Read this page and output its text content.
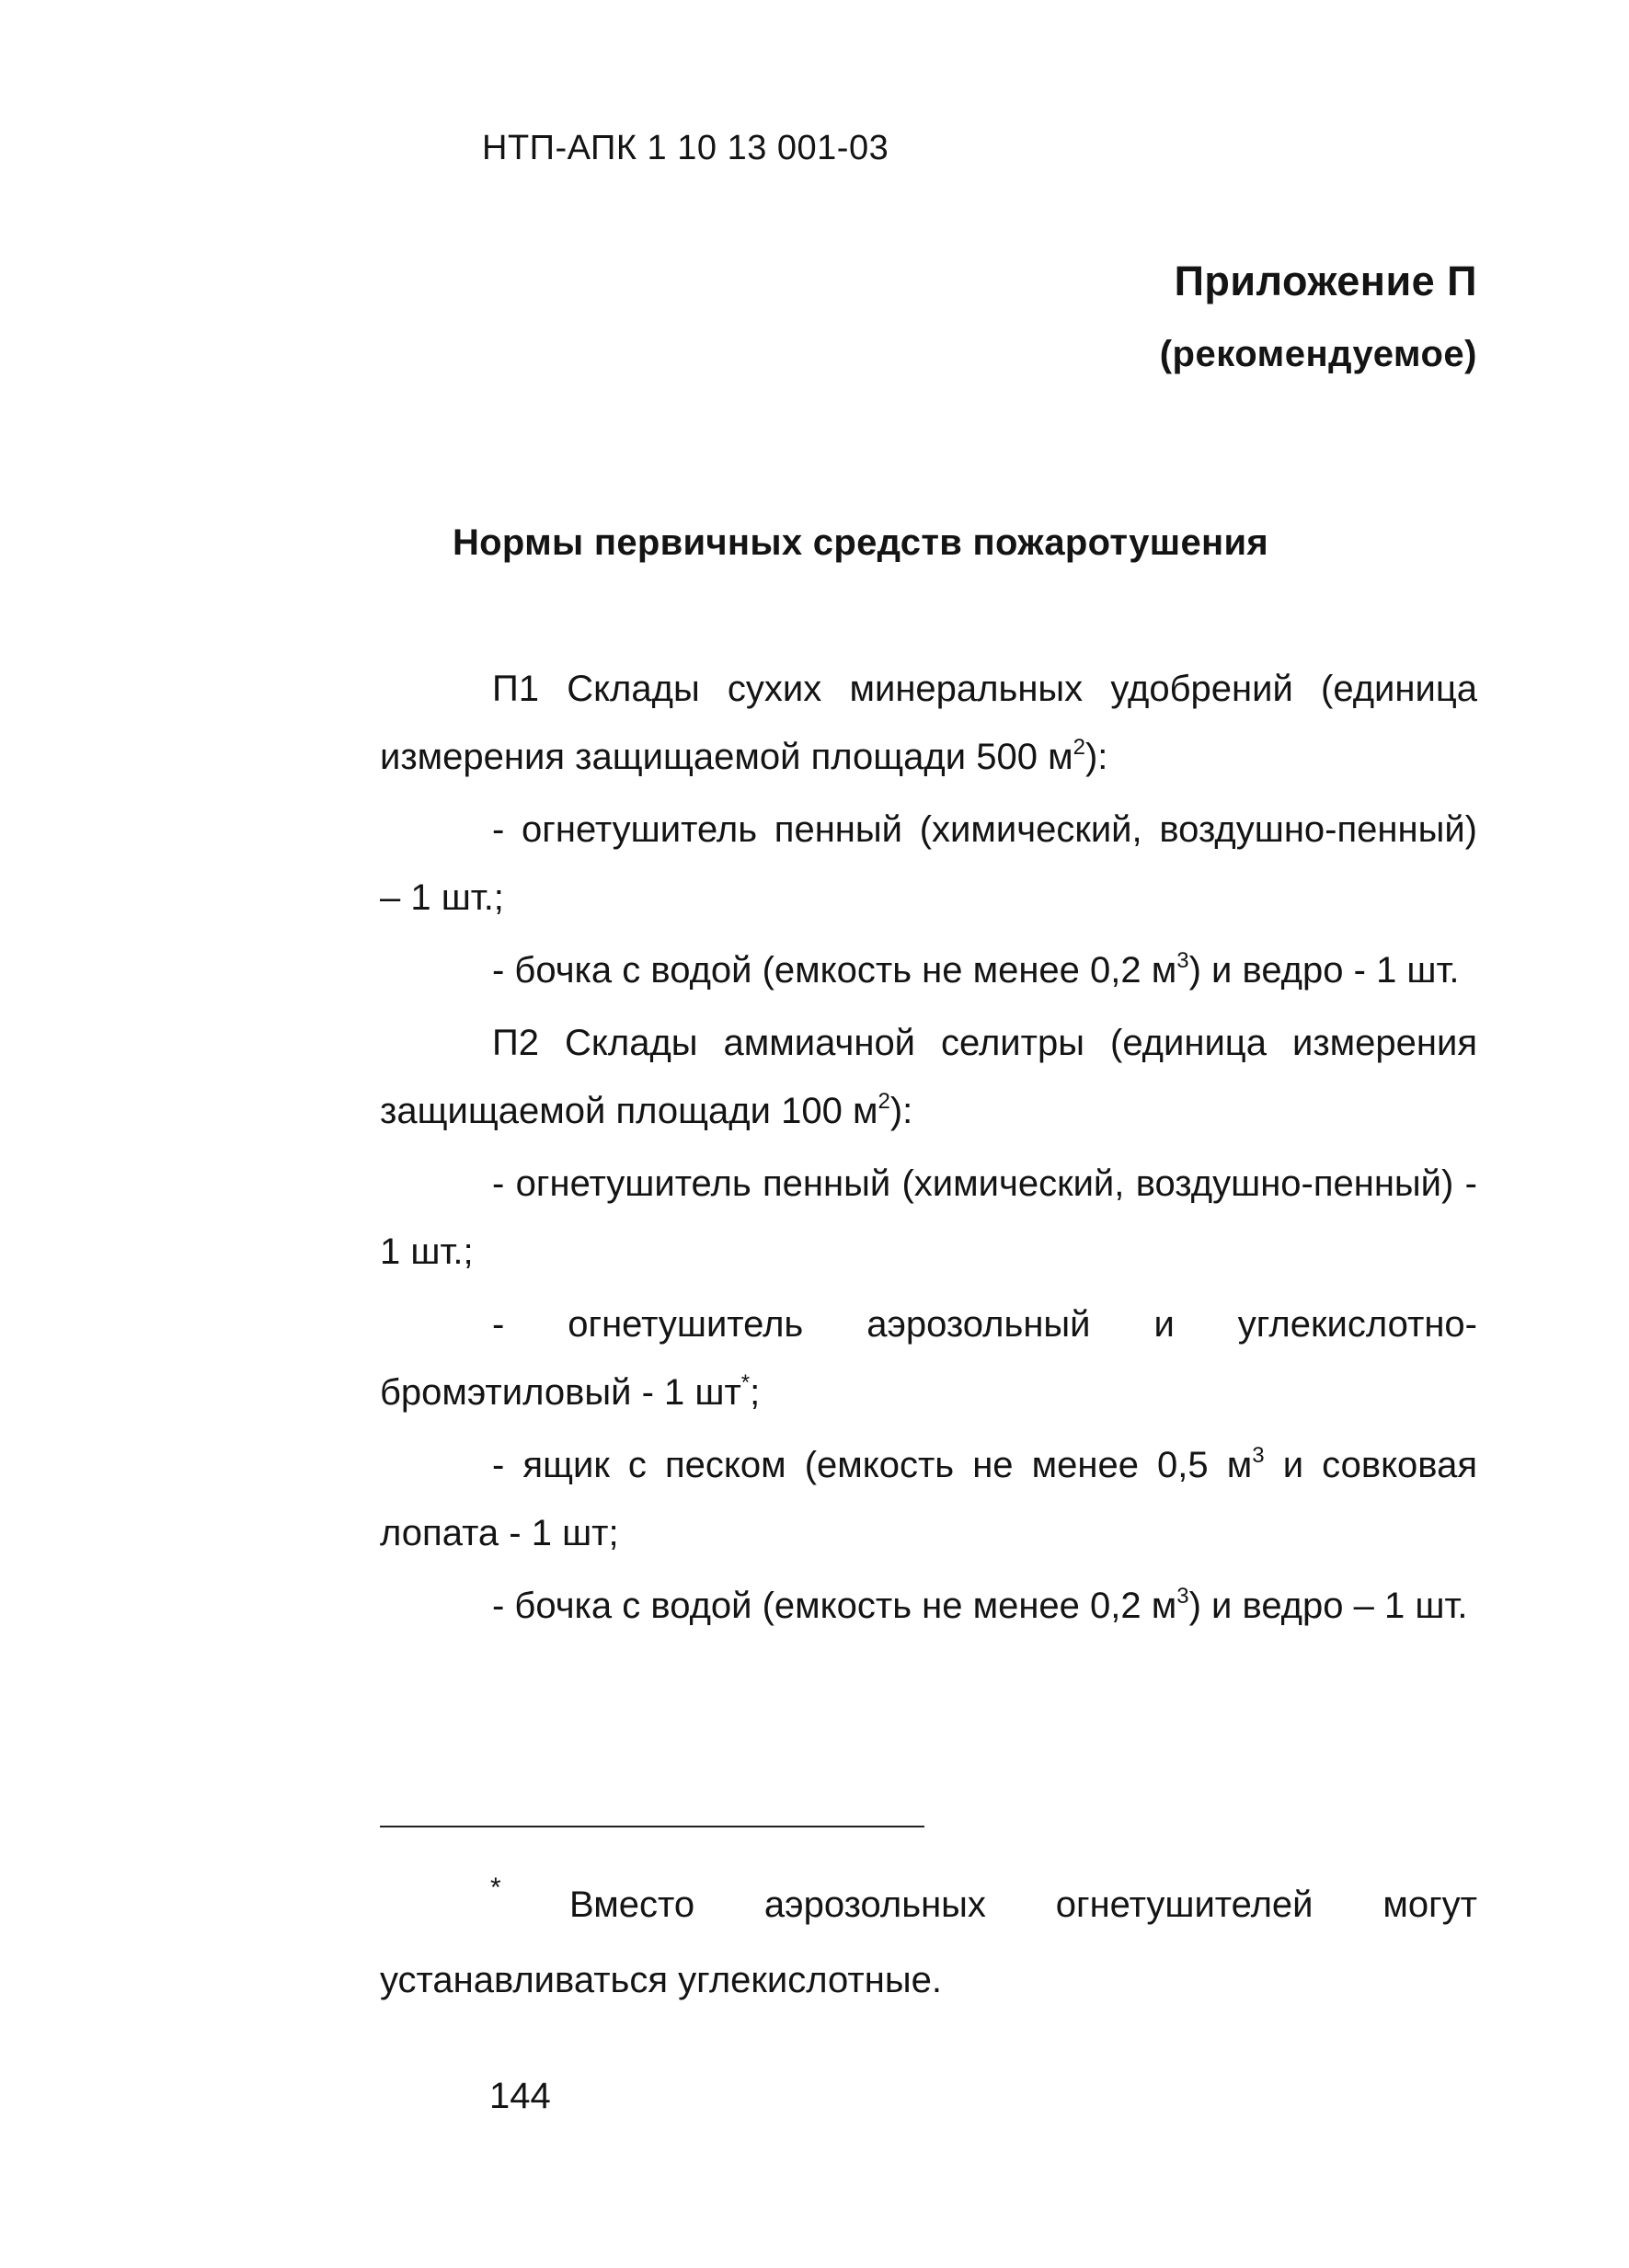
НТП-АПК 1 10 13 001-03
Приложение П
(рекомендуемое)
Нормы первичных средств пожаротушения

П1 Склады сухих минеральных удобрений (единица измерения защищаемой площади 500 $м^2$):

- огнетушитель пенный (химический, воздушно-пенный) – 1 шт.;

- бочка с водой (емкость не менее 0,2 $м^3$) и ведро - 1 шт.

П2 Склады аммиачной селитры (единица измерения защищаемой площади 100 $м^2$):

- огнетушитель пенный (химический, воздушно-пенный) - 1 шт.;

- огнетушитель аэрозольный и углекислотно-бромэтиловый - 1 шт*;

- ящик с песком (емкость не менее 0,5 $м^3$ и совковая лопата - 1 шт;

- бочка с водой (емкость не менее 0,2 $м^3$) и ведро – 1 шт.

*	Вместо аэрозольных огнетушителей могут
устанавливаться углекислотные.
144
